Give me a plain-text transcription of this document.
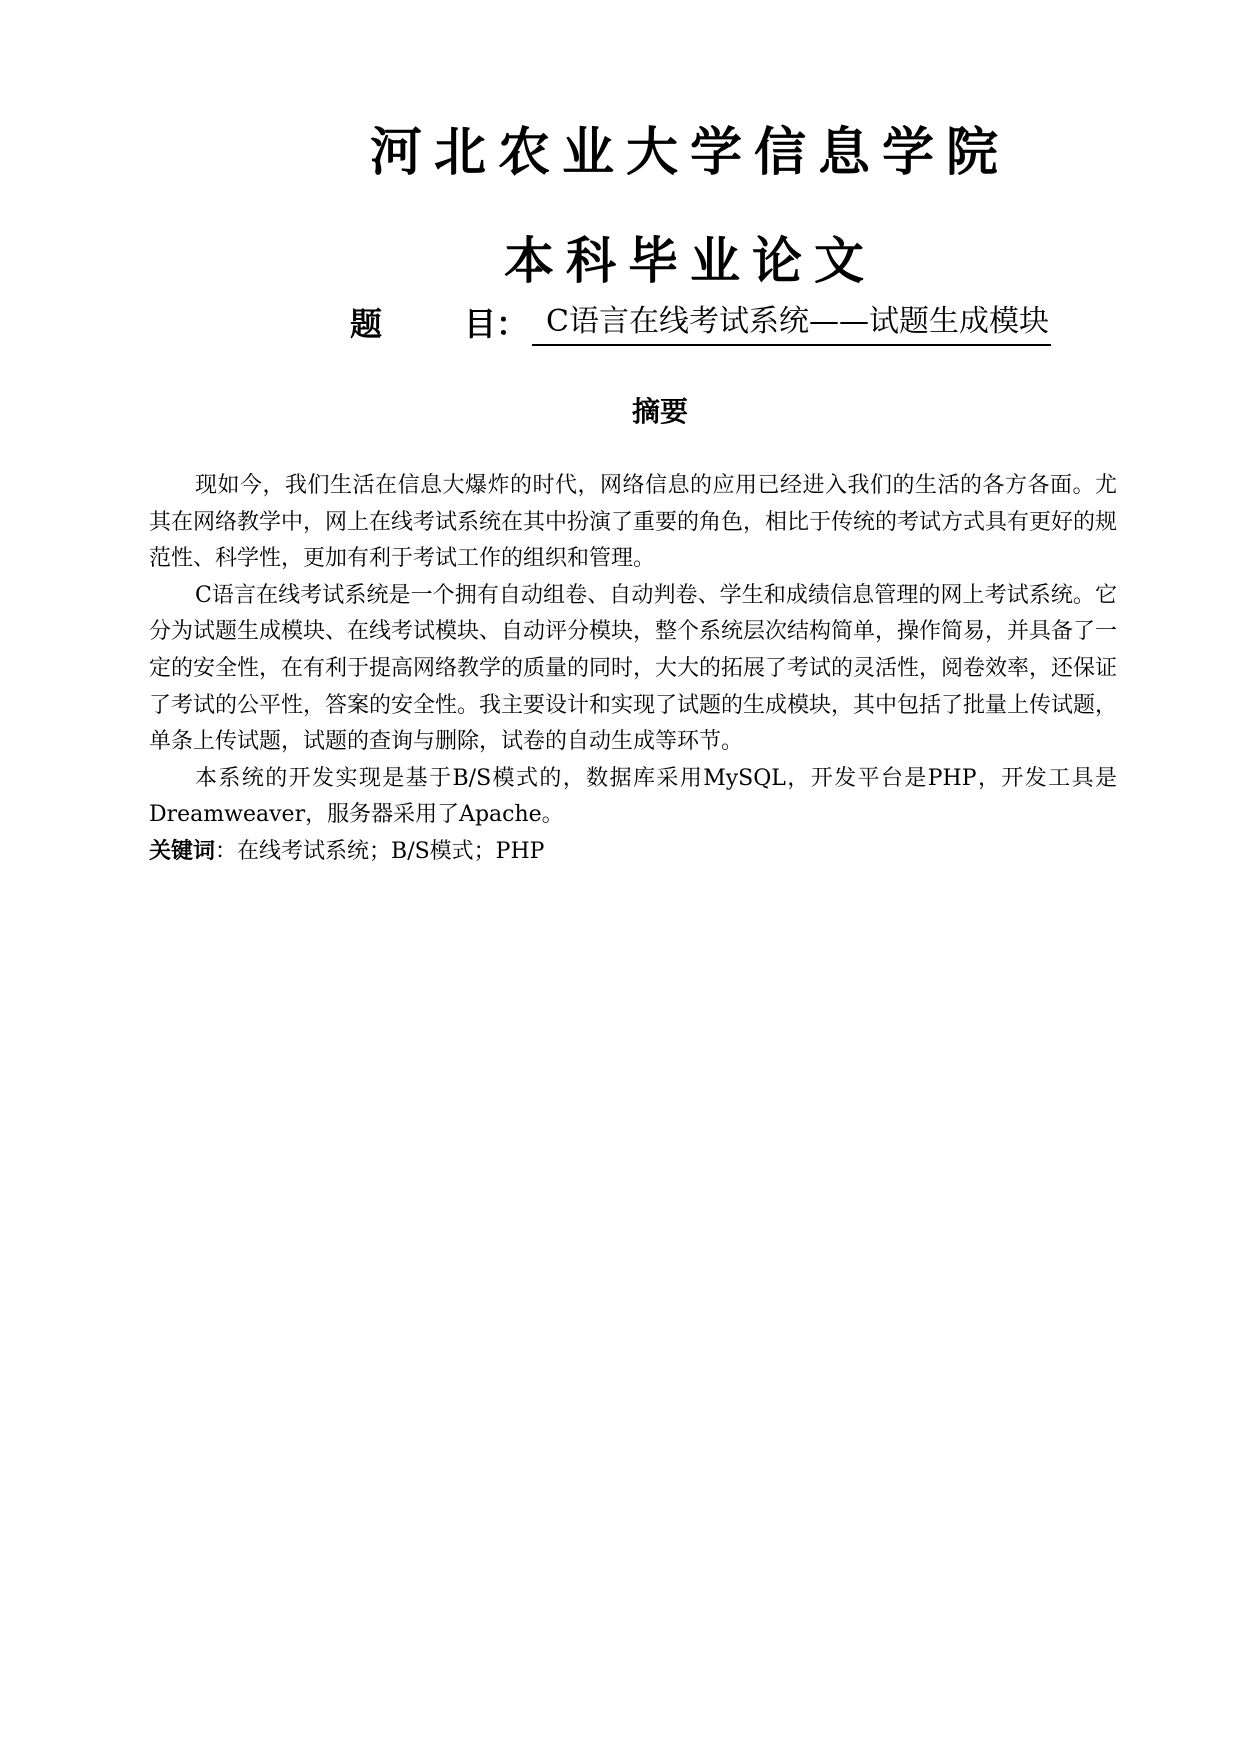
河北农业大学信息学院
本科毕业论文
题	目 ： C语言在线考试系统——试题生成模块
摘要

现如今，我们生活在信息大爆炸的时代，网络信息的应用已经进入我们的生活的各方各面。尤其在网络教学中，网上在线考试系统在其中扮演了重要的角色，相比于传统的考试方式具有更好的规范性、科学性，更加有利于考试工作的组织和管理。

C语言在线考试系统是一个拥有自动组卷、自动判卷、学生和成绩信息管理的网上考试系统。它分为试题生成模块、在线考试模块、自动评分模块，整个系统层次结构简单，操作简易，并具备了一定的安全性，在有利于提高网络教学的质量的同时，大大的拓展了考试的灵活性，阅卷效率，还保证了考试的公平性，答案的安全性。我主要设计和实现了试题的生成模块，其中包括了批量上传试题，单条上传试题，试题的查询与删除，试卷的自动生成等环节。

本系统的开发实现是基于B/S模式的，数据库采用MySQL，开发平台是PHP，开发工具是Dreamweaver，服务器采用了Apache。

关键词：在线考试系统；B/S模式；PHP
